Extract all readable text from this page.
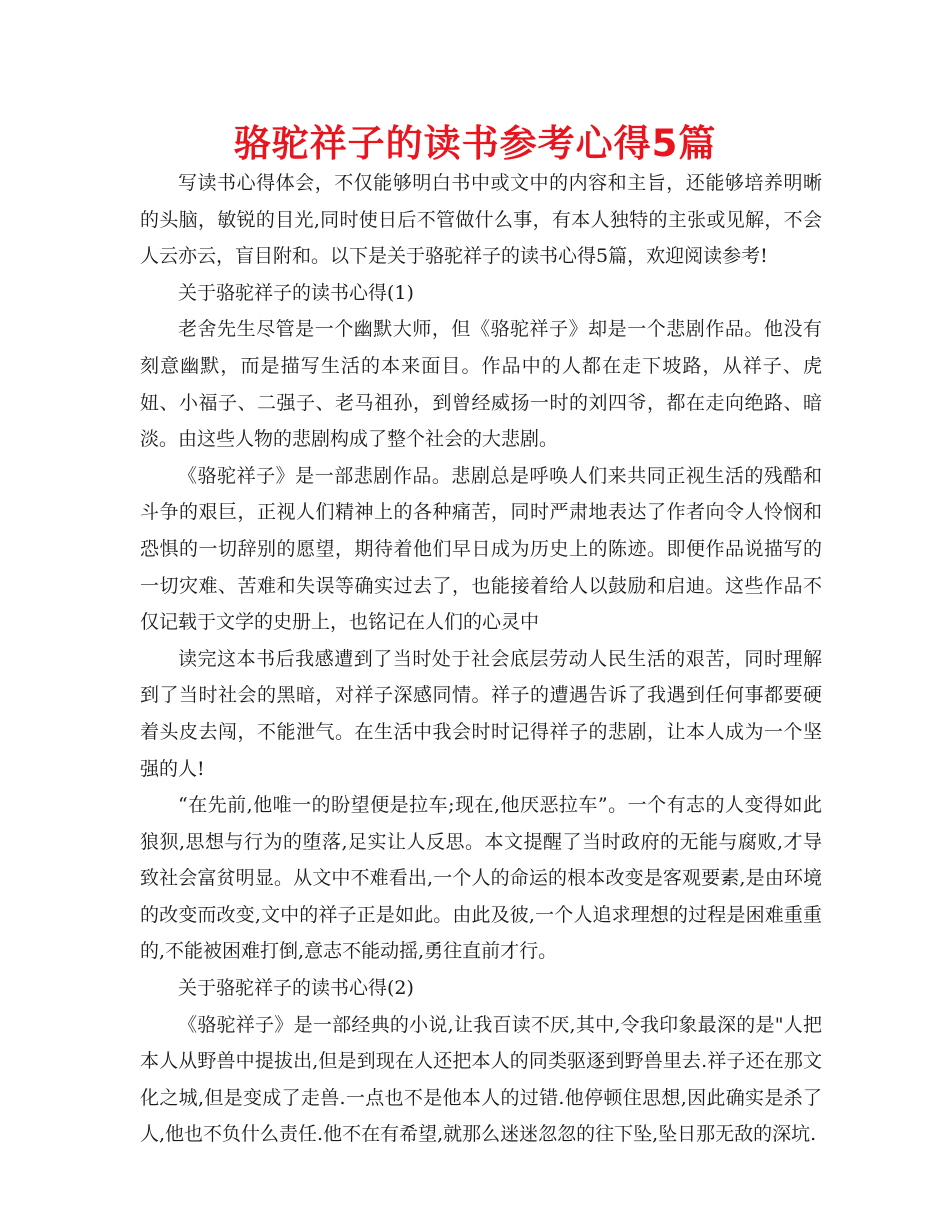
骆驼祥子的读书参考心得5篇

写读书心得体会，不仅能够明白书中或文中的内容和主旨，还能够培养明晰的头脑，敏锐的目光,同时使日后不管做什么事，有本人独特的主张或见解，不会人云亦云，盲目附和。以下是关于骆驼祥子的读书心得5篇，欢迎阅读参考!

关于骆驼祥子的读书心得(1)

老舍先生尽管是一个幽默大师，但《骆驼祥子》却是一个悲剧作品。他没有刻意幽默，而是描写生活的本来面目。作品中的人都在走下坡路，从祥子、虎妞、小福子、二强子、老马祖孙，到曾经威扬一时的刘四爷，都在走向绝路、暗淡。由这些人物的悲剧构成了整个社会的大悲剧。

《骆驼祥子》是一部悲剧作品。悲剧总是呼唤人们来共同正视生活的残酷和斗争的艰巨，正视人们精神上的各种痛苦，同时严肃地表达了作者向令人怜悯和恐惧的一切辞别的愿望，期待着他们早日成为历史上的陈迹。即便作品说描写的一切灾难、苦难和失误等确实过去了，也能接着给人以鼓励和启迪。这些作品不仅记载于文学的史册上，也铭记在人们的心灵中

读完这本书后我感遭到了当时处于社会底层劳动人民生活的艰苦，同时理解到了当时社会的黑暗，对祥子深感同情。祥子的遭遇告诉了我遇到任何事都要硬着头皮去闯，不能泄气。在生活中我会时时记得祥子的悲剧，让本人成为一个坚强的人!

“在先前,他唯一的盼望便是拉车;现在,他厌恶拉车”。一个有志的人变得如此狼狈,思想与行为的堕落,足实让人反思。本文提醒了当时政府的无能与腐败,才导致社会富贫明显。从文中不难看出,一个人的命运的根本改变是客观要素,是由环境的改变而改变,文中的祥子正是如此。由此及彼,一个人追求理想的过程是困难重重的,不能被困难打倒,意志不能动摇,勇往直前才行。

关于骆驼祥子的读书心得(2)

《骆驼祥子》是一部经典的小说,让我百读不厌,其中,令我印象最深的是"人把本人从野兽中提拔出,但是到现在人还把本人的同类驱逐到野兽里去.祥子还在那文化之城,但是变成了走兽.一点也不是他本人的过错.他停顿住思想,因此确实是杀了人,他也不负什么责任.他不在有希望,就那么迷迷忽忽的往下坠,坠日那无敌的深坑.
